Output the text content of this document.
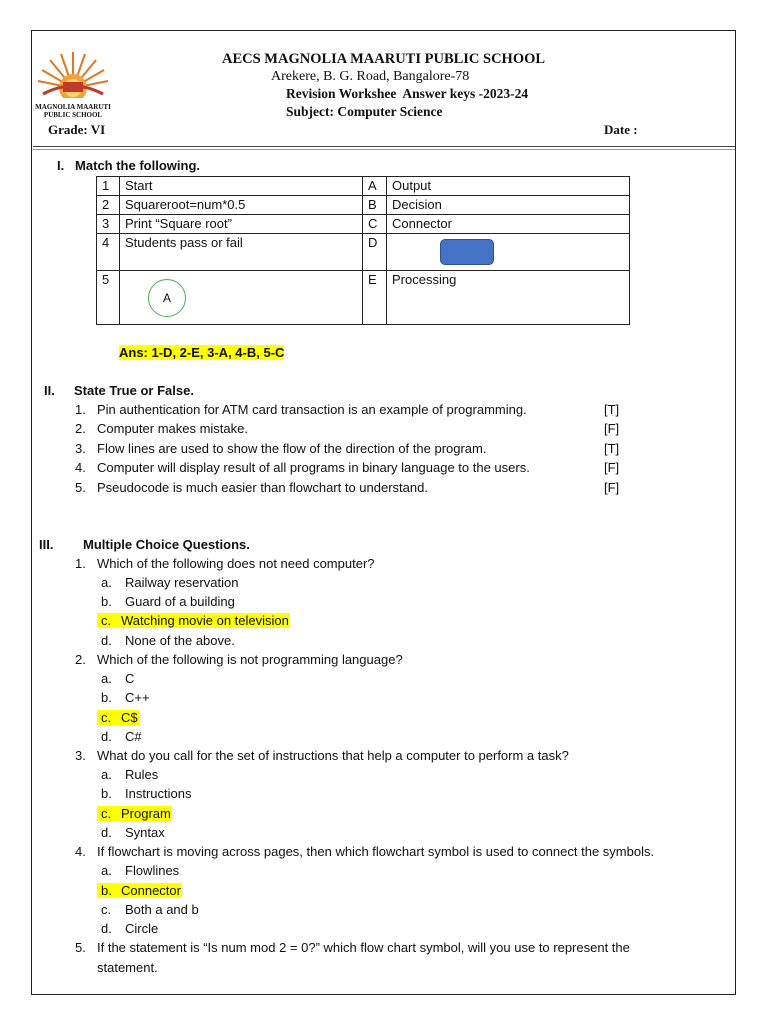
MAGNOLIA MAARUTI
PUBLIC SCHOOL
AECS MAGNOLIA MAARUTI PUBLIC SCHOOL
Arekere, B. G. Road, Bangalore-78
Revision Workshee  Answer keys -2023-24
Subject: Computer Science
Grade: VI	Date :
I.   Match the following.
1	Start	A	Output
2	Squareroot=num*0.5	B	Decision
3	Print “Square root”	C	Connector
4	Students pass or fail	D	

5	A	E	Processing
Ans: 1-D, 2-E, 3-A, 4-B, 5-C
II. State True or False.
1. Pin authentication for ATM card transaction is an example of programming.	[T]
2. Computer makes mistake.	[F]
3. Flow lines are used to show the flow of the direction of the program.	[T]
4. Computer will display result of all programs in binary language to the users.	[F]
5. Pseudocode is much easier than flowchart to understand.	[F]
III. Multiple Choice Questions.
1. Which of the following does not need computer?
a. Railway reservation
b. Guard of a building
c. Watching movie on television
d. None of the above.
2. Which of the following is not programming language?
a. C
b. C++
c. C$
d. C#
3. What do you call for the set of instructions that help a computer to perform a task?
a. Rules
b. Instructions
c. Program
d. Syntax
4. If flowchart is moving across pages, then which flowchart symbol is used to connect the symbols.
a. Flowlines
b. Connector
c. Both a and b
d. Circle
5. If the statement is “Is num mod 2 = 0?” which flow chart symbol, will you use to represent the
statement.
